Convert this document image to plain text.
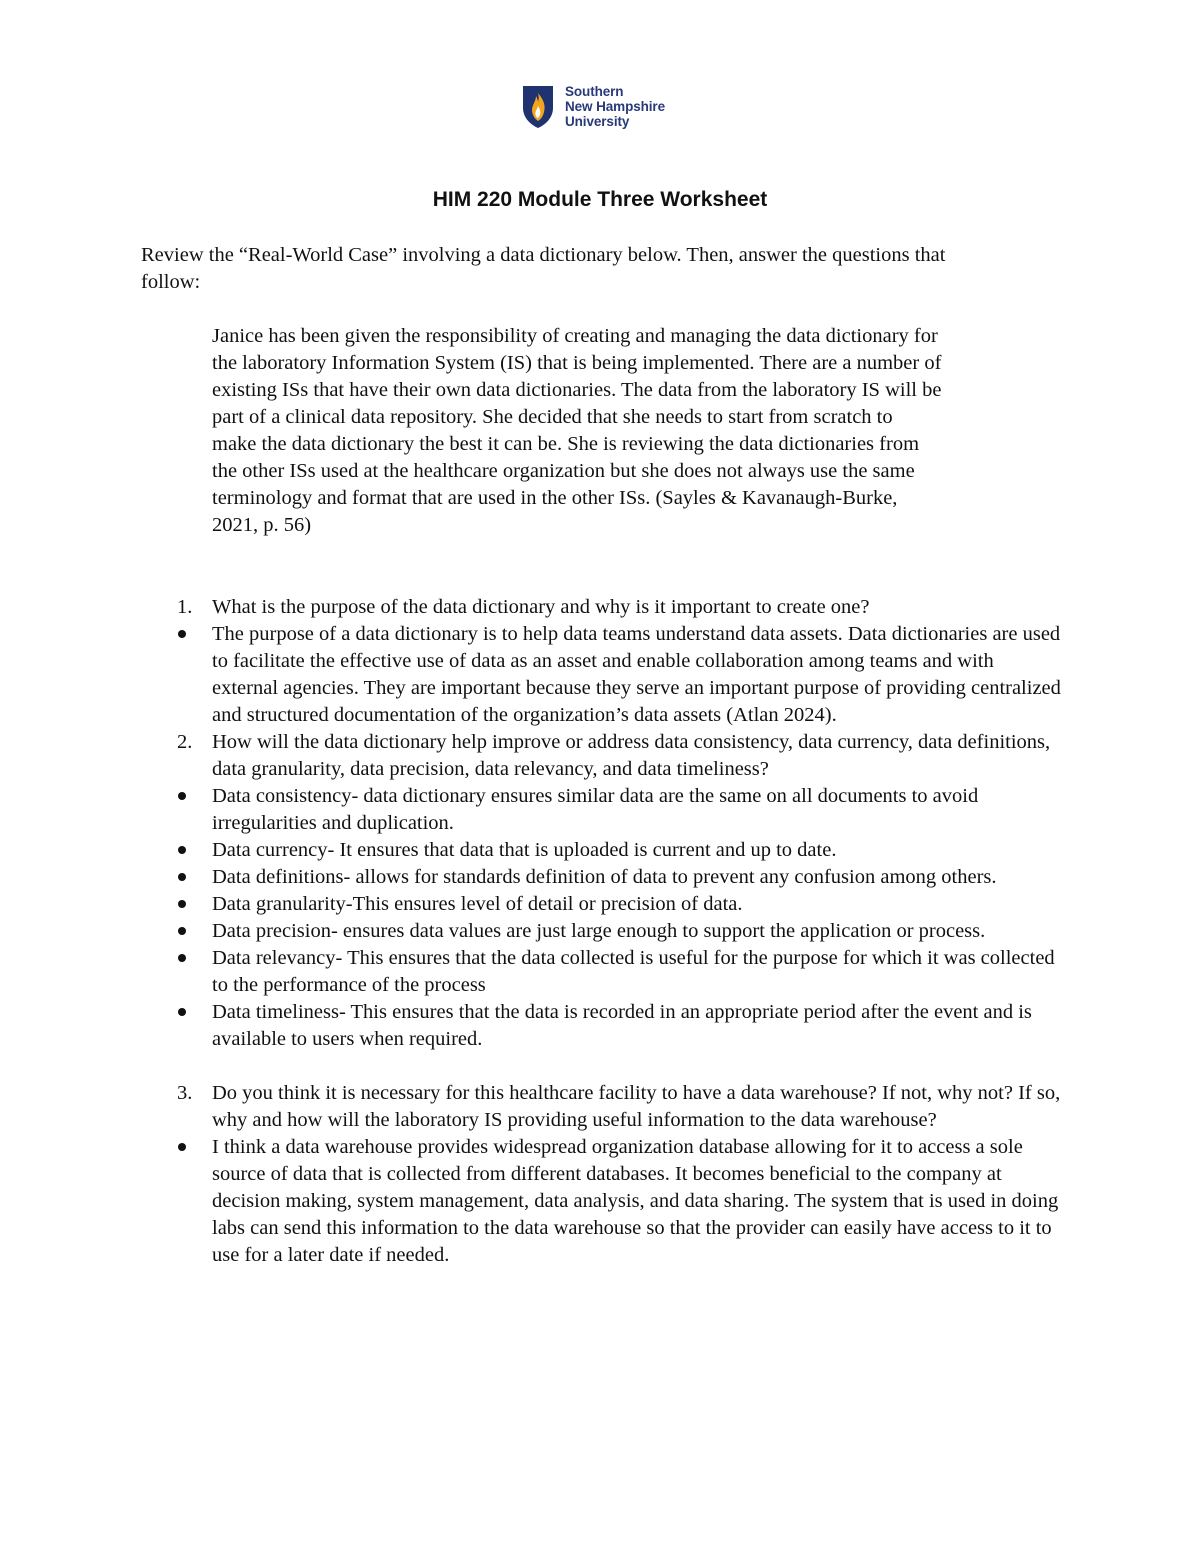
Southern
New Hampshire
University
HIM 220 Module Three Worksheet
Review the “Real-World Case” involving a data dictionary below. Then, answer the questions that follow:
Janice has been given the responsibility of creating and managing the data dictionary for the laboratory Information System (IS) that is being implemented. There are a number of existing ISs that have their own data dictionaries. The data from the laboratory IS will be part of a clinical data repository. She decided that she needs to start from scratch to make the data dictionary the best it can be. She is reviewing the data dictionaries from the other ISs used at the healthcare organization but she does not always use the same terminology and format that are used in the other ISs. (Sayles & Kavanaugh-Burke, 2021, p. 56)
1. What is the purpose of the data dictionary and why is it important to create one?
The purpose of a data dictionary is to help data teams understand data assets. Data dictionaries are used to facilitate the effective use of data as an asset and enable collaboration among teams and with external agencies. They are important because they serve an important purpose of providing centralized and structured documentation of the organization’s data assets (Atlan 2024).
2. How will the data dictionary help improve or address data consistency, data currency, data definitions, data granularity, data precision, data relevancy, and data timeliness?
Data consistency- data dictionary ensures similar data are the same on all documents to avoid irregularities and duplication.
Data currency- It ensures that data that is uploaded is current and up to date.
Data definitions- allows for standards definition of data to prevent any confusion among others.
Data granularity-This ensures level of detail or precision of data.
Data precision- ensures data values are just large enough to support the application or process.
Data relevancy- This ensures that the data collected is useful for the purpose for which it was collected to the performance of the process
Data timeliness- This ensures that the data is recorded in an appropriate period after the event and is available to users when required.
3. Do you think it is necessary for this healthcare facility to have a data warehouse? If not, why not? If so, why and how will the laboratory IS providing useful information to the data warehouse?
I think a data warehouse provides widespread organization database allowing for it to access a sole source of data that is collected from different databases. It becomes beneficial to the company at decision making, system management, data analysis, and data sharing. The system that is used in doing labs can send this information to the data warehouse so that the provider can easily have access to it to use for a later date if needed.
